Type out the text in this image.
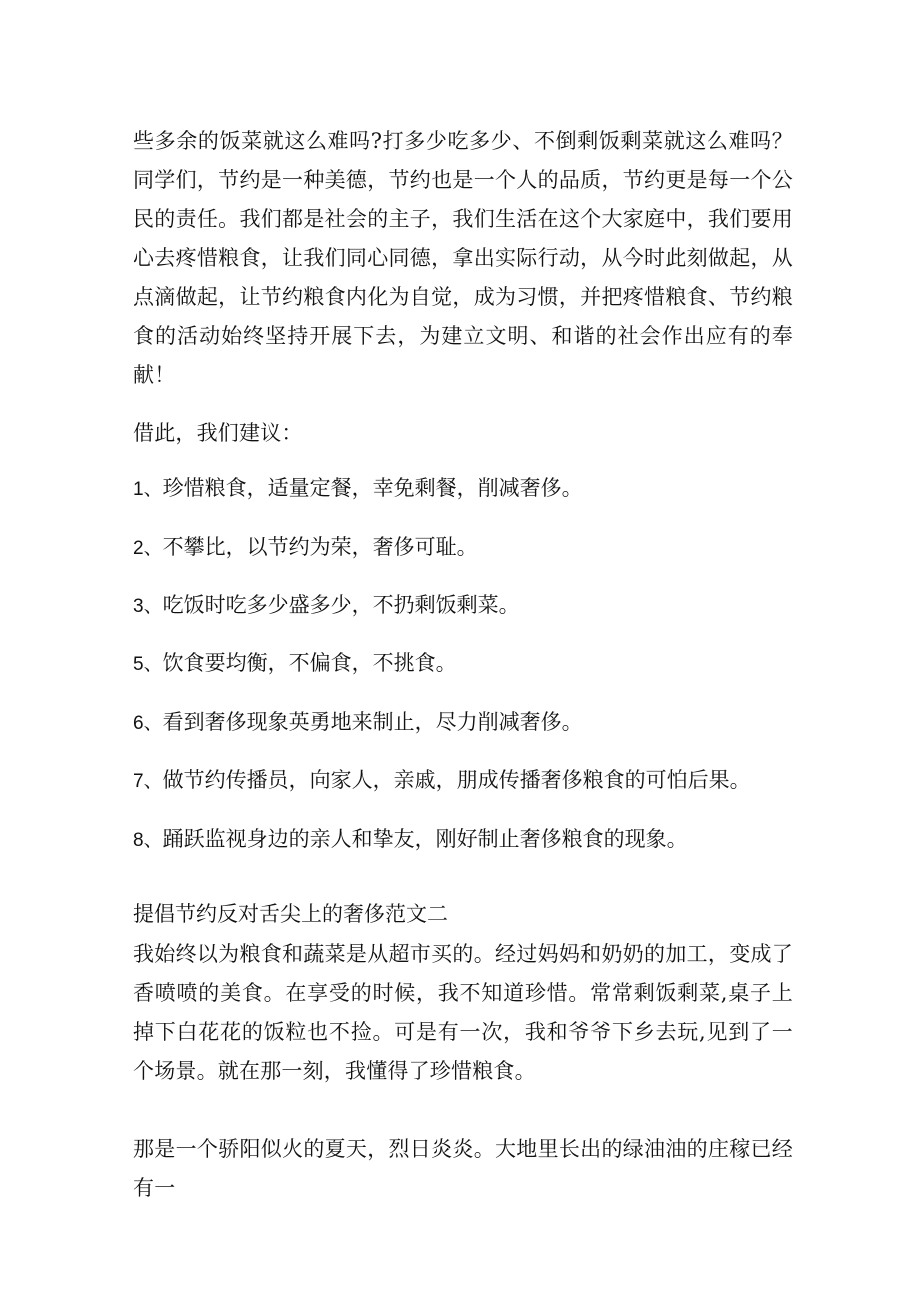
些多余的饭菜就这么难吗?打多少吃多少、不倒剩饭剩菜就这么难吗？同学们，节约是一种美德，节约也是一个人的品质，节约更是每一个公民的责任。我们都是社会的主子，我们生活在这个大家庭中，我们要用心去疼惜粮食，让我们同心同德，拿出实际行动，从今时此刻做起，从点滴做起，让节约粮食内化为自觉，成为习惯，并把疼惜粮食、节约粮食的活动始终坚持开展下去，为建立文明、和谐的社会作出应有的奉献！

借此，我们建议：

1、珍惜粮食，适量定餐，幸免剩餐，削减奢侈。

2、不攀比，以节约为荣，奢侈可耻。

3、吃饭时吃多少盛多少，不扔剩饭剩菜。

5、饮食要均衡，不偏食，不挑食。

6、看到奢侈现象英勇地来制止，尽力削减奢侈。

7、做节约传播员，向家人，亲戚，朋成传播奢侈粮食的可怕后果。

8、踊跃监视身边的亲人和挚友，刚好制止奢侈粮食的现象。

提倡节约反对舌尖上的奢侈范文二

我始终以为粮食和蔬菜是从超市买的。经过妈妈和奶奶的加工，变成了香喷喷的美食。在享受的时候，我不知道珍惜。常常剩饭剩菜,桌子上掉下白花花的饭粒也不捡。可是有一次，我和爷爷下乡去玩,见到了一个场景。就在那一刻，我懂得了珍惜粮食。

那是一个骄阳似火的夏天，烈日炎炎。大地里长出的绿油油的庄稼已经有一
